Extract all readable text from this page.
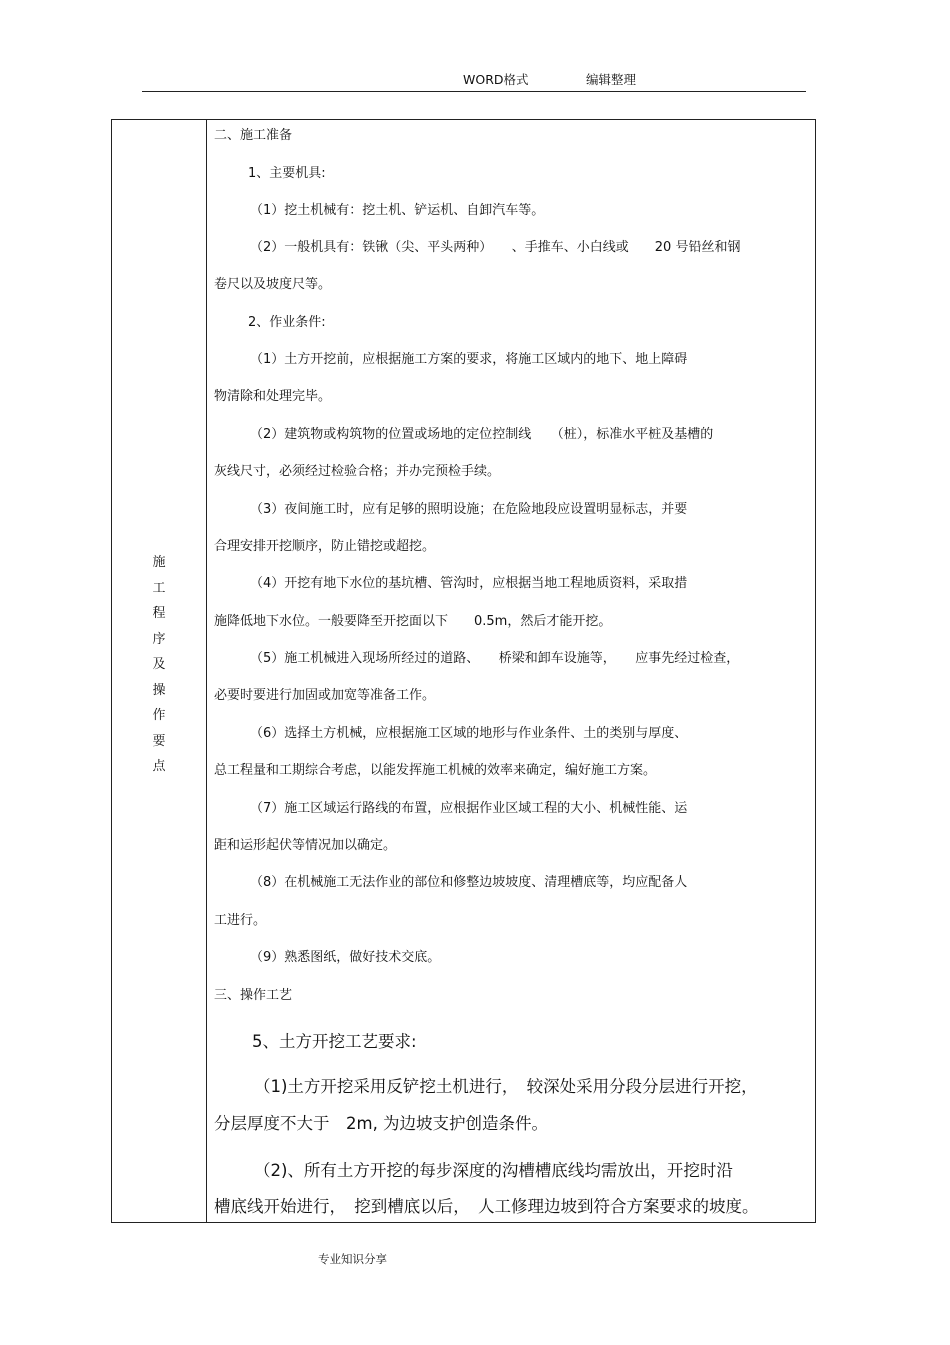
WORD格式	编辑整理
施
工
程
序
及
操
作
要
点
二、施工准备
1、主要机具:
（1）挖土机械有：挖土机、铲运机、自卸汽车等。
（2）一般机具有：铁锹（尖、平头两种）　　、手推车、小白线或　　20 号铅丝和钢
卷尺以及坡度尺等。
2、作业条件:
（1）土方开挖前，应根据施工方案的要求，将施工区域内的地下、地上障碍
物清除和处理完毕。
（2）建筑物或构筑物的位置或场地的定位控制线　　（桩），标准水平桩及基槽的
灰线尺寸，必须经过检验合格；并办完预检手续。
（3）夜间施工时，应有足够的照明设施；在危险地段应设置明显标志，并要
合理安排开挖顺序，防止错挖或超挖。
（4）开挖有地下水位的基坑槽、管沟时，应根据当地工程地质资料，采取措
施降低地下水位。一般要降至开挖面以下　　0.5m，然后才能开挖。
（5）施工机械进入现场所经过的道路、　　桥梁和卸车设施等，　　应事先经过检查，
必要时要进行加固或加宽等准备工作。
（6）选择土方机械，应根据施工区域的地形与作业条件、土的类别与厚度、
总工程量和工期综合考虑，以能发挥施工机械的效率来确定，编好施工方案。
（7）施工区域运行路线的布置，应根据作业区域工程的大小、机械性能、运
距和运形起伏等情况加以确定。
（8）在机械施工无法作业的部位和修整边坡坡度、清理槽底等，均应配备人
工进行。
（9）熟悉图纸，做好技术交底。
三、操作工艺
5、土方开挖工艺要求:
（1)土方开挖采用反铲挖土机进行，　较深处采用分段分层进行开挖，
分层厚度不大于　2m, 为边坡支护创造条件。
（2)、所有土方开挖的每步深度的沟槽槽底线均需放出，开挖时沿
槽底线开始进行，　挖到槽底以后，　人工修理边坡到符合方案要求的坡度。
专业知识分享
